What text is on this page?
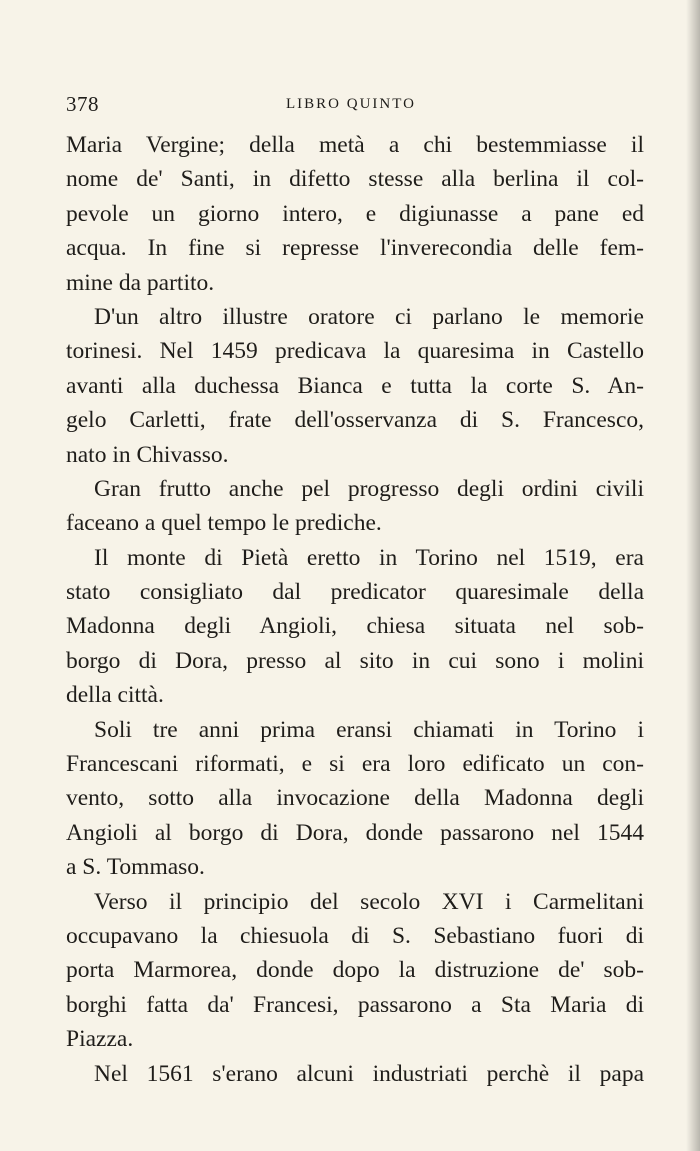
378	LIBRO QUINTO
Maria Vergine; della metà a chi bestemmiasse il
nome de' Santi, in difetto stesse alla berlina il col-
pevole un giorno intero, e digiunasse a pane ed
acqua. In fine si represse l'inverecondia delle fem-
mine da partito.
D'un altro illustre oratore ci parlano le memorie
torinesi. Nel 1459 predicava la quaresima in Castello
avanti alla duchessa Bianca e tutta la corte S. An-
gelo Carletti, frate dell'osservanza di S. Francesco,
nato in Chivasso.
Gran frutto anche pel progresso degli ordini civili
faceano a quel tempo le prediche.
Il monte di Pietà eretto in Torino nel 1519, era
stato consigliato dal predicator quaresimale della
Madonna degli Angioli, chiesa situata nel sob-
borgo di Dora, presso al sito in cui sono i molini
della città.
Soli tre anni prima eransi chiamati in Torino i
Francescani riformati, e si era loro edificato un con-
vento, sotto alla invocazione della Madonna degli
Angioli al borgo di Dora, donde passarono nel 1544
a S. Tommaso.
Verso il principio del secolo XVI i Carmelitani
occupavano la chiesuola di S. Sebastiano fuori di
porta Marmorea, donde dopo la distruzione de' sob-
borghi fatta da' Francesi, passarono a Sta Maria di
Piazza.
Nel 1561 s'erano alcuni industriati perchè il papa
